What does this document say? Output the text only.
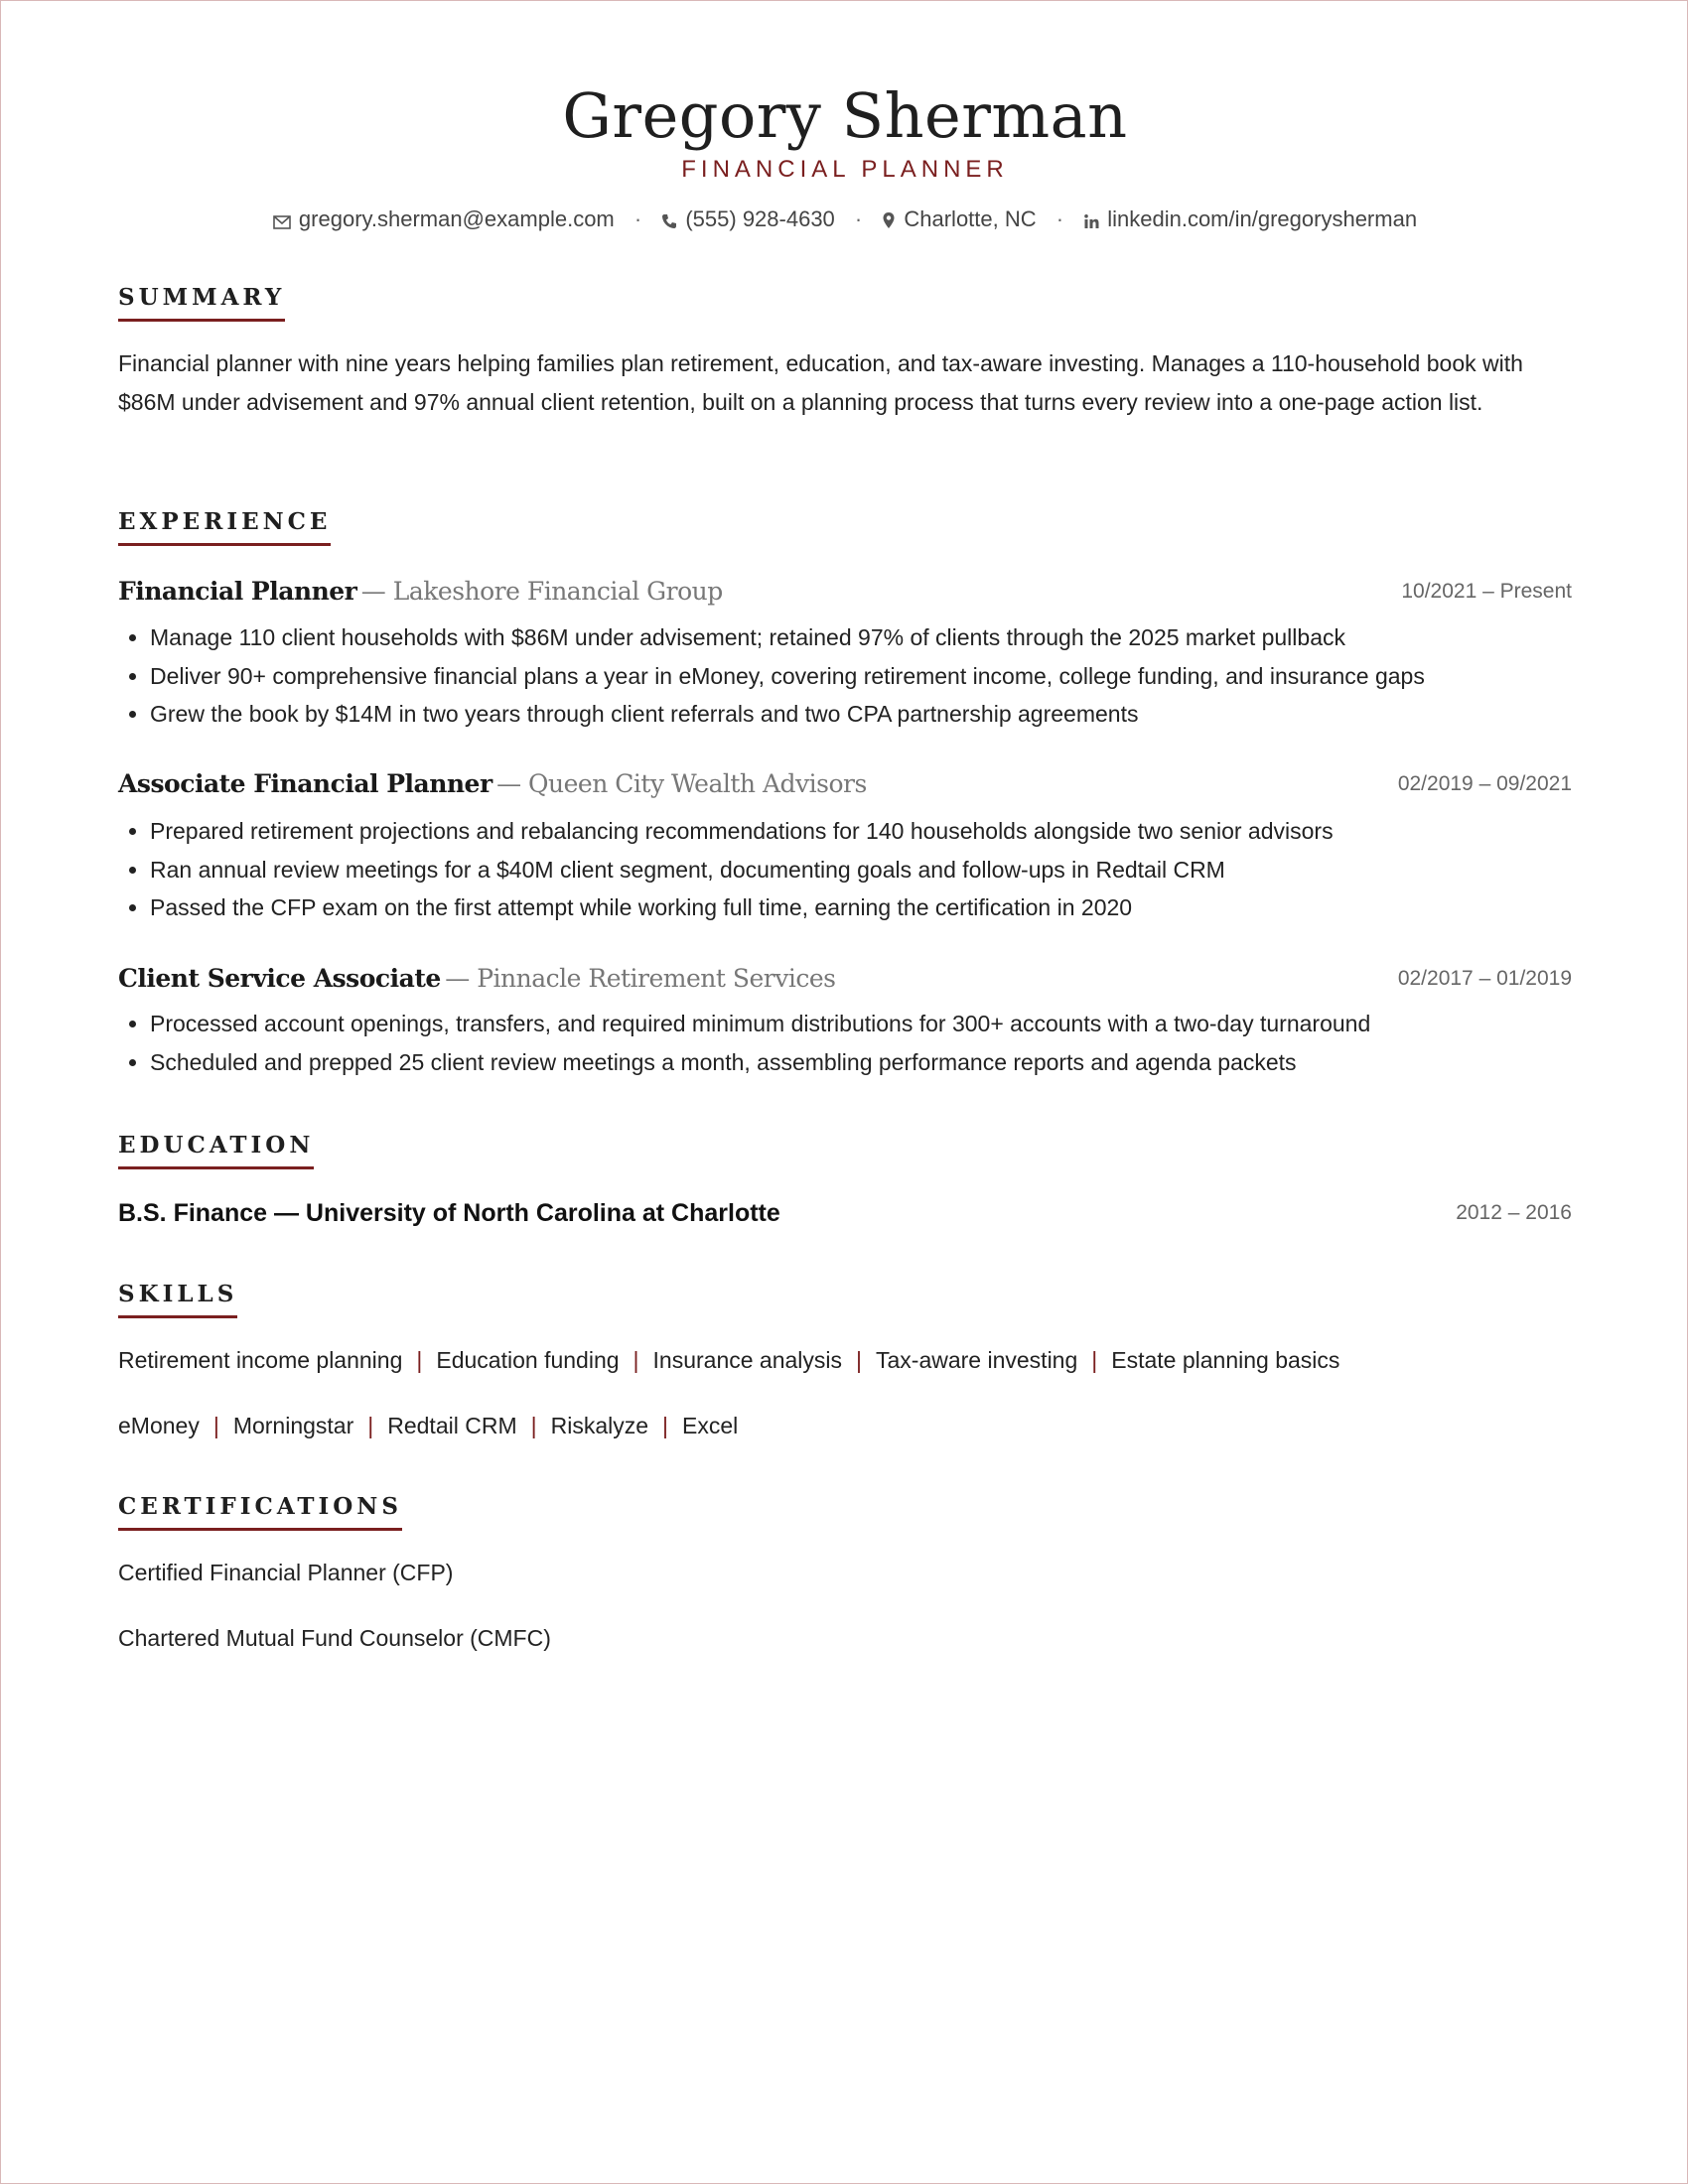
Gregory Sherman
FINANCIAL PLANNER
gregory.sherman@example.com · (555) 928-4630 · Charlotte, NC · linkedin.com/in/gregorysherman
SUMMARY
Financial planner with nine years helping families plan retirement, education, and tax-aware investing. Manages a 110-household book with $86M under advisement and 97% annual client retention, built on a planning process that turns every review into a one-page action list.
EXPERIENCE
Financial Planner — Lakeshore Financial Group	10/2021 – Present
• Manage 110 client households with $86M under advisement; retained 97% of clients through the 2025 market pullback
• Deliver 90+ comprehensive financial plans a year in eMoney, covering retirement income, college funding, and insurance gaps
• Grew the book by $14M in two years through client referrals and two CPA partnership agreements
Associate Financial Planner — Queen City Wealth Advisors	02/2019 – 09/2021
• Prepared retirement projections and rebalancing recommendations for 140 households alongside two senior advisors
• Ran annual review meetings for a $40M client segment, documenting goals and follow-ups in Redtail CRM
• Passed the CFP exam on the first attempt while working full time, earning the certification in 2020
Client Service Associate — Pinnacle Retirement Services	02/2017 – 01/2019
• Processed account openings, transfers, and required minimum distributions for 300+ accounts with a two-day turnaround
• Scheduled and prepped 25 client review meetings a month, assembling performance reports and agenda packets
EDUCATION
B.S. Finance — University of North Carolina at Charlotte	2012 – 2016
SKILLS
Retirement income planning | Education funding | Insurance analysis | Tax-aware investing | Estate planning basics
eMoney | Morningstar | Redtail CRM | Riskalyze | Excel
CERTIFICATIONS
Certified Financial Planner (CFP)
Chartered Mutual Fund Counselor (CMFC)
